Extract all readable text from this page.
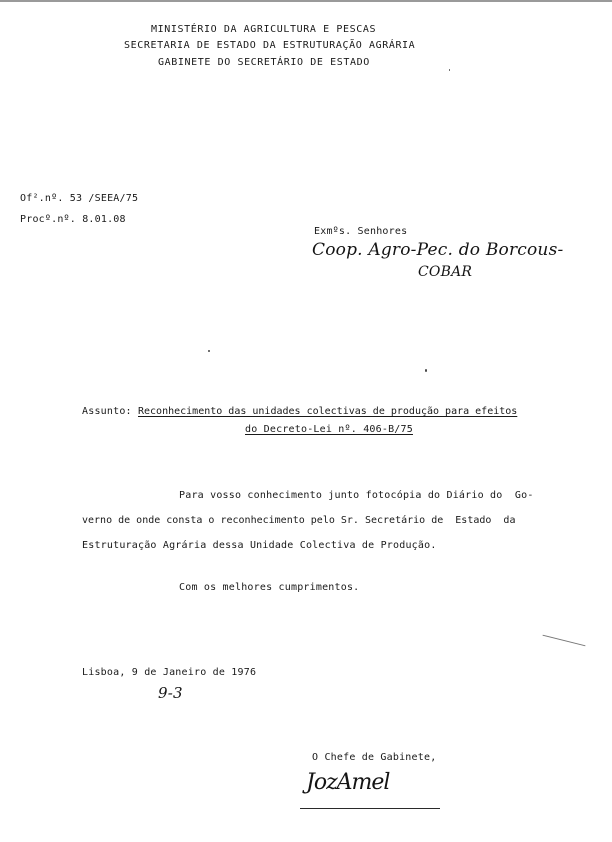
MINISTÉRIO DA AGRICULTURA E PESCAS
SECRETARIA DE ESTADO DA ESTRUTURAÇÃO AGRÁRIA
GABINETE DO SECRETÁRIO DE ESTADO
Of².nº. 53 /SEEA/75
Procº.nº. 8.01.08
Exmºs. Senhores
Coop. Agro-Pec. do Borcous-
COBAR
Assunto: Reconhecimento das unidades colectivas de produção para efeitos
do Decreto-Lei nº. 406-B/75
Para vosso conhecimento junto fotocópia do Diário do  Go-
verno de onde consta o reconhecimento pelo Sr. Secretário de  Estado  da
Estruturação Agrária dessa Unidade Colectiva de Produção.
Com os melhores cumprimentos.
Lisboa, 9 de Janeiro de 1976
9-3
O Chefe de Gabinete,
JozAmel
